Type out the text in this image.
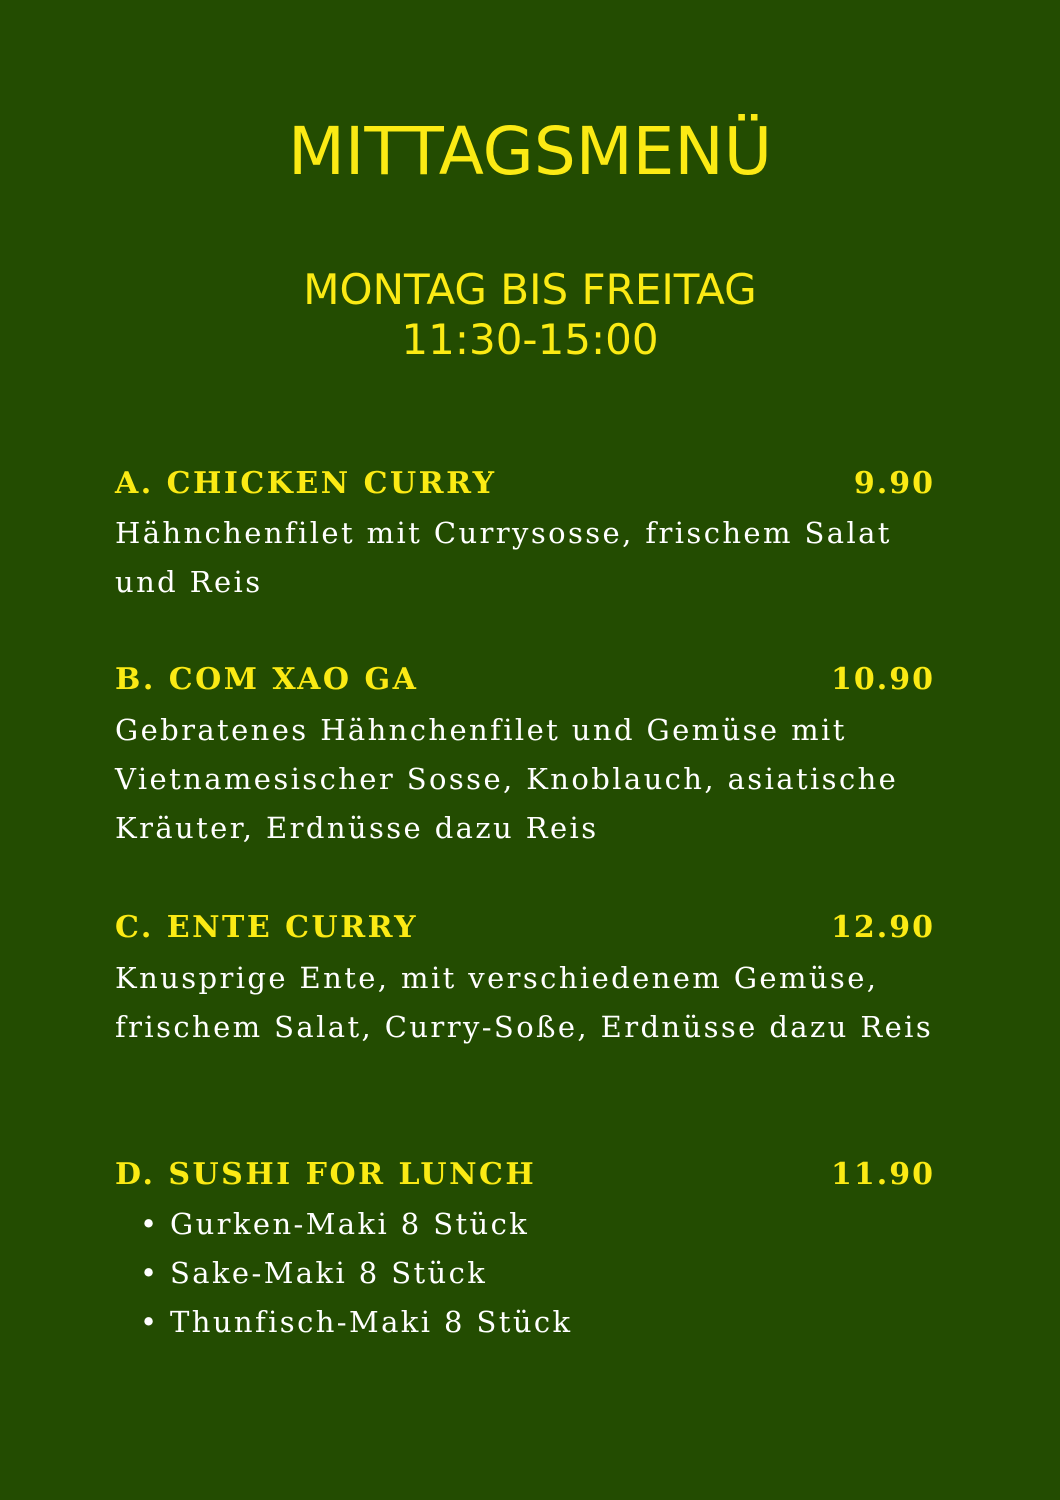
MITTAGSMENÜ
MONTAG BIS FREITAG
11:30-15:00
A. CHICKEN CURRY	9.90
Hähnchenfilet mit Currysosse, frischem Salat und Reis
B. COM XAO GA	10.90
Gebratenes Hähnchenfilet und Gemüse mit Vietnamesischer Sosse, Knoblauch, asiatische Kräuter, Erdnüsse dazu Reis
C. ENTE CURRY	12.90
Knusprige Ente, mit verschiedenem Gemüse, frischem Salat, Curry-Soße, Erdnüsse dazu Reis
D. SUSHI FOR LUNCH	11.90
• Gurken-Maki 8 Stück
• Sake-Maki 8 Stück
• Thunfisch-Maki 8 Stück
